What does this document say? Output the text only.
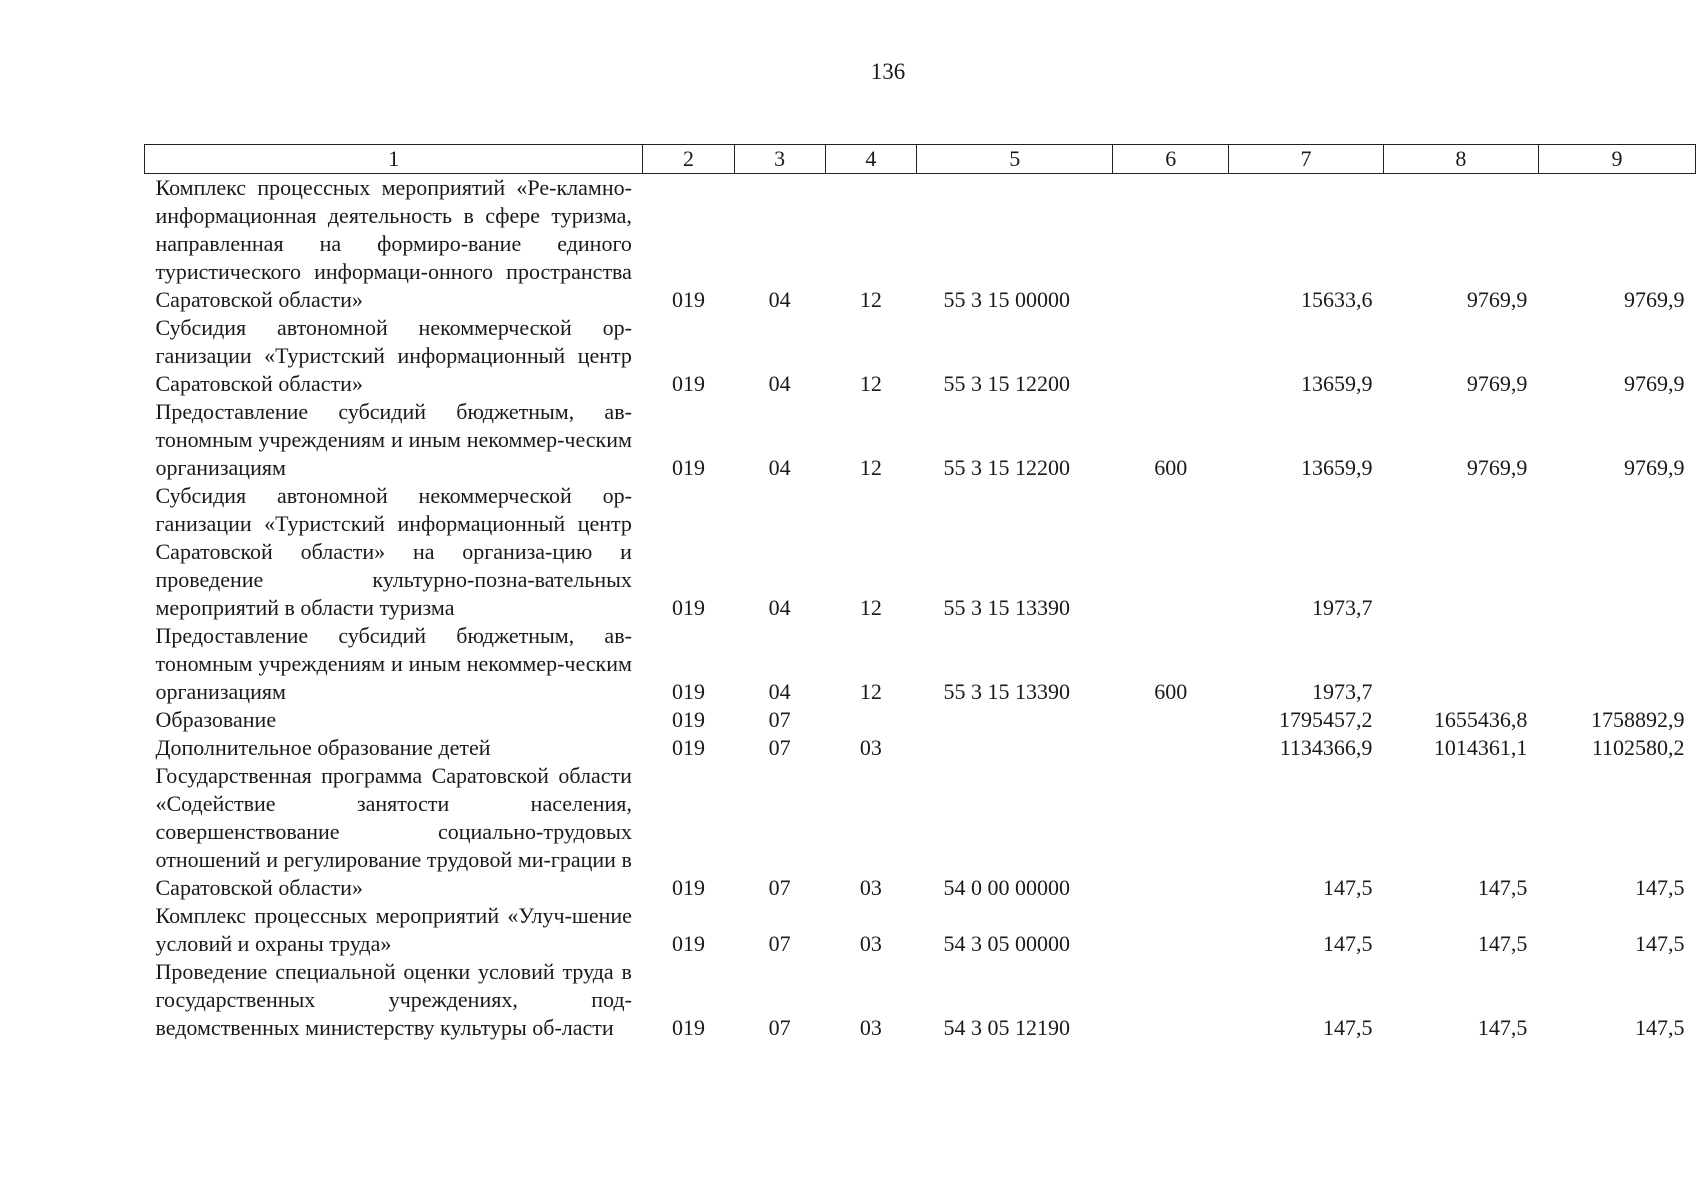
136
1	2	3	4	5	6	7	8	9
Комплекс процессных мероприятий «Ре-кламно-информационная деятельность в сфере туризма, направленная на формиро-вание единого туристического информаци-онного пространства Саратовской области»	019	04	12	55 3 15 00000		15633,6	9769,9	9769,9
Субсидия автономной некоммерческой ор-ганизации «Туристский информационный центр Саратовской области»	019	04	12	55 3 15 12200		13659,9	9769,9	9769,9
Предоставление субсидий бюджетным, ав-тономным учреждениям и иным некоммер-ческим организациям	019	04	12	55 3 15 12200	600	13659,9	9769,9	9769,9
Субсидия автономной некоммерческой ор-ганизации «Туристский информационный центр Саратовской области» на организа-цию и проведение культурно-позна-вательных мероприятий в области туризма	019	04	12	55 3 15 13390		1973,7		
Предоставление субсидий бюджетным, ав-тономным учреждениям и иным некоммер-ческим организациям	019	04	12	55 3 15 13390	600	1973,7		
Образование	019	07				1795457,2	1655436,8	1758892,9
Дополнительное образование детей	019	07	03			1134366,9	1014361,1	1102580,2
Государственная программа Саратовской области «Содействие занятости населения, совершенствование социально-трудовых отношений и регулирование трудовой ми-грации в Саратовской области»	019	07	03	54 0 00 00000		147,5	147,5	147,5
Комплекс процессных мероприятий «Улуч-шение условий и охраны труда»	019	07	03	54 3 05 00000		147,5	147,5	147,5
Проведение специальной оценки условий труда в государственных учреждениях, под-ведомственных министерству культуры об-ласти	019	07	03	54 3 05 12190		147,5	147,5	147,5
